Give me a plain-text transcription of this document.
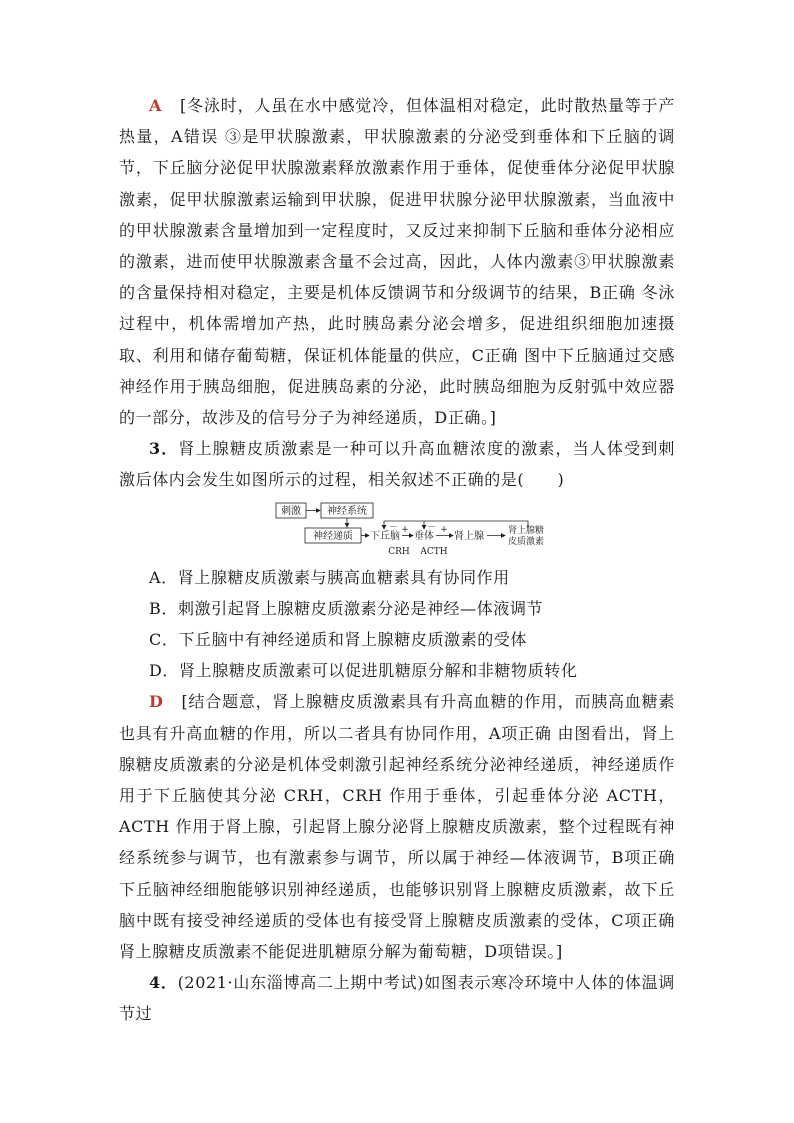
A [冬泳时，人虽在水中感觉冷，但体温相对稳定，此时散热量等于产热量，A错误 ③是甲状腺激素，甲状腺激素的分泌受到垂体和下丘脑的调节，下丘脑分泌促甲状腺激素释放激素作用于垂体，促使垂体分泌促甲状腺激素，促甲状腺激素运输到甲状腺，促进甲状腺分泌甲状腺激素，当血液中的甲状腺激素含量增加到一定程度时，又反过来抑制下丘脑和垂体分泌相应的激素，进而使甲状腺激素含量不会过高，因此，人体内激素③甲状腺激素的含量保持相对稳定，主要是机体反馈调节和分级调节的结果，B正确 冬泳过程中，机体需增加产热，此时胰岛素分泌会增多，促进组织细胞加速摄取、利用和储存葡萄糖，保证机体能量的供应，C正确 图中下丘脑通过交感神经作用于胰岛细胞，促进胰岛素的分泌，此时胰岛细胞为反射弧中效应器的一部分，故涉及的信号分子为神经递质，D正确。]

3．肾上腺糖皮质激素是一种可以升高血糖浓度的激素，当人体受到刺激后体内会发生如图所示的过程，相关叙述不正确的是(　　)

刺激	神经系统
神经递质 下丘脑
+
垂体
+
肾上腺	肾上腺糖
皮质激素
CRH ACTH
－	－

A．肾上腺糖皮质激素与胰高血糖素具有协同作用

B．刺激引起肾上腺糖皮质激素分泌是神经—体液调节

C．下丘脑中有神经递质和肾上腺糖皮质激素的受体

D．肾上腺糖皮质激素可以促进肌糖原分解和非糖物质转化

D [结合题意，肾上腺糖皮质激素具有升高血糖的作用，而胰高血糖素也具有升高血糖的作用，所以二者具有协同作用，A项正确 由图看出，肾上腺糖皮质激素的分泌是机体受刺激引起神经系统分泌神经递质，神经递质作用于下丘脑使其分泌 CRH，CRH 作用于垂体，引起垂体分泌 ACTH，ACTH 作用于肾上腺，引起肾上腺分泌肾上腺糖皮质激素，整个过程既有神经系统参与调节，也有激素参与调节，所以属于神经—体液调节，B项正确 下丘脑神经细胞能够识别神经递质，也能够识别肾上腺糖皮质激素，故下丘脑中既有接受神经递质的受体也有接受肾上腺糖皮质激素的受体，C项正确 肾上腺糖皮质激素不能促进肌糖原分解为葡萄糖，D项错误。]

4．(2021·山东淄博高二上期中考试)如图表示寒冷环境中人体的体温调节过
